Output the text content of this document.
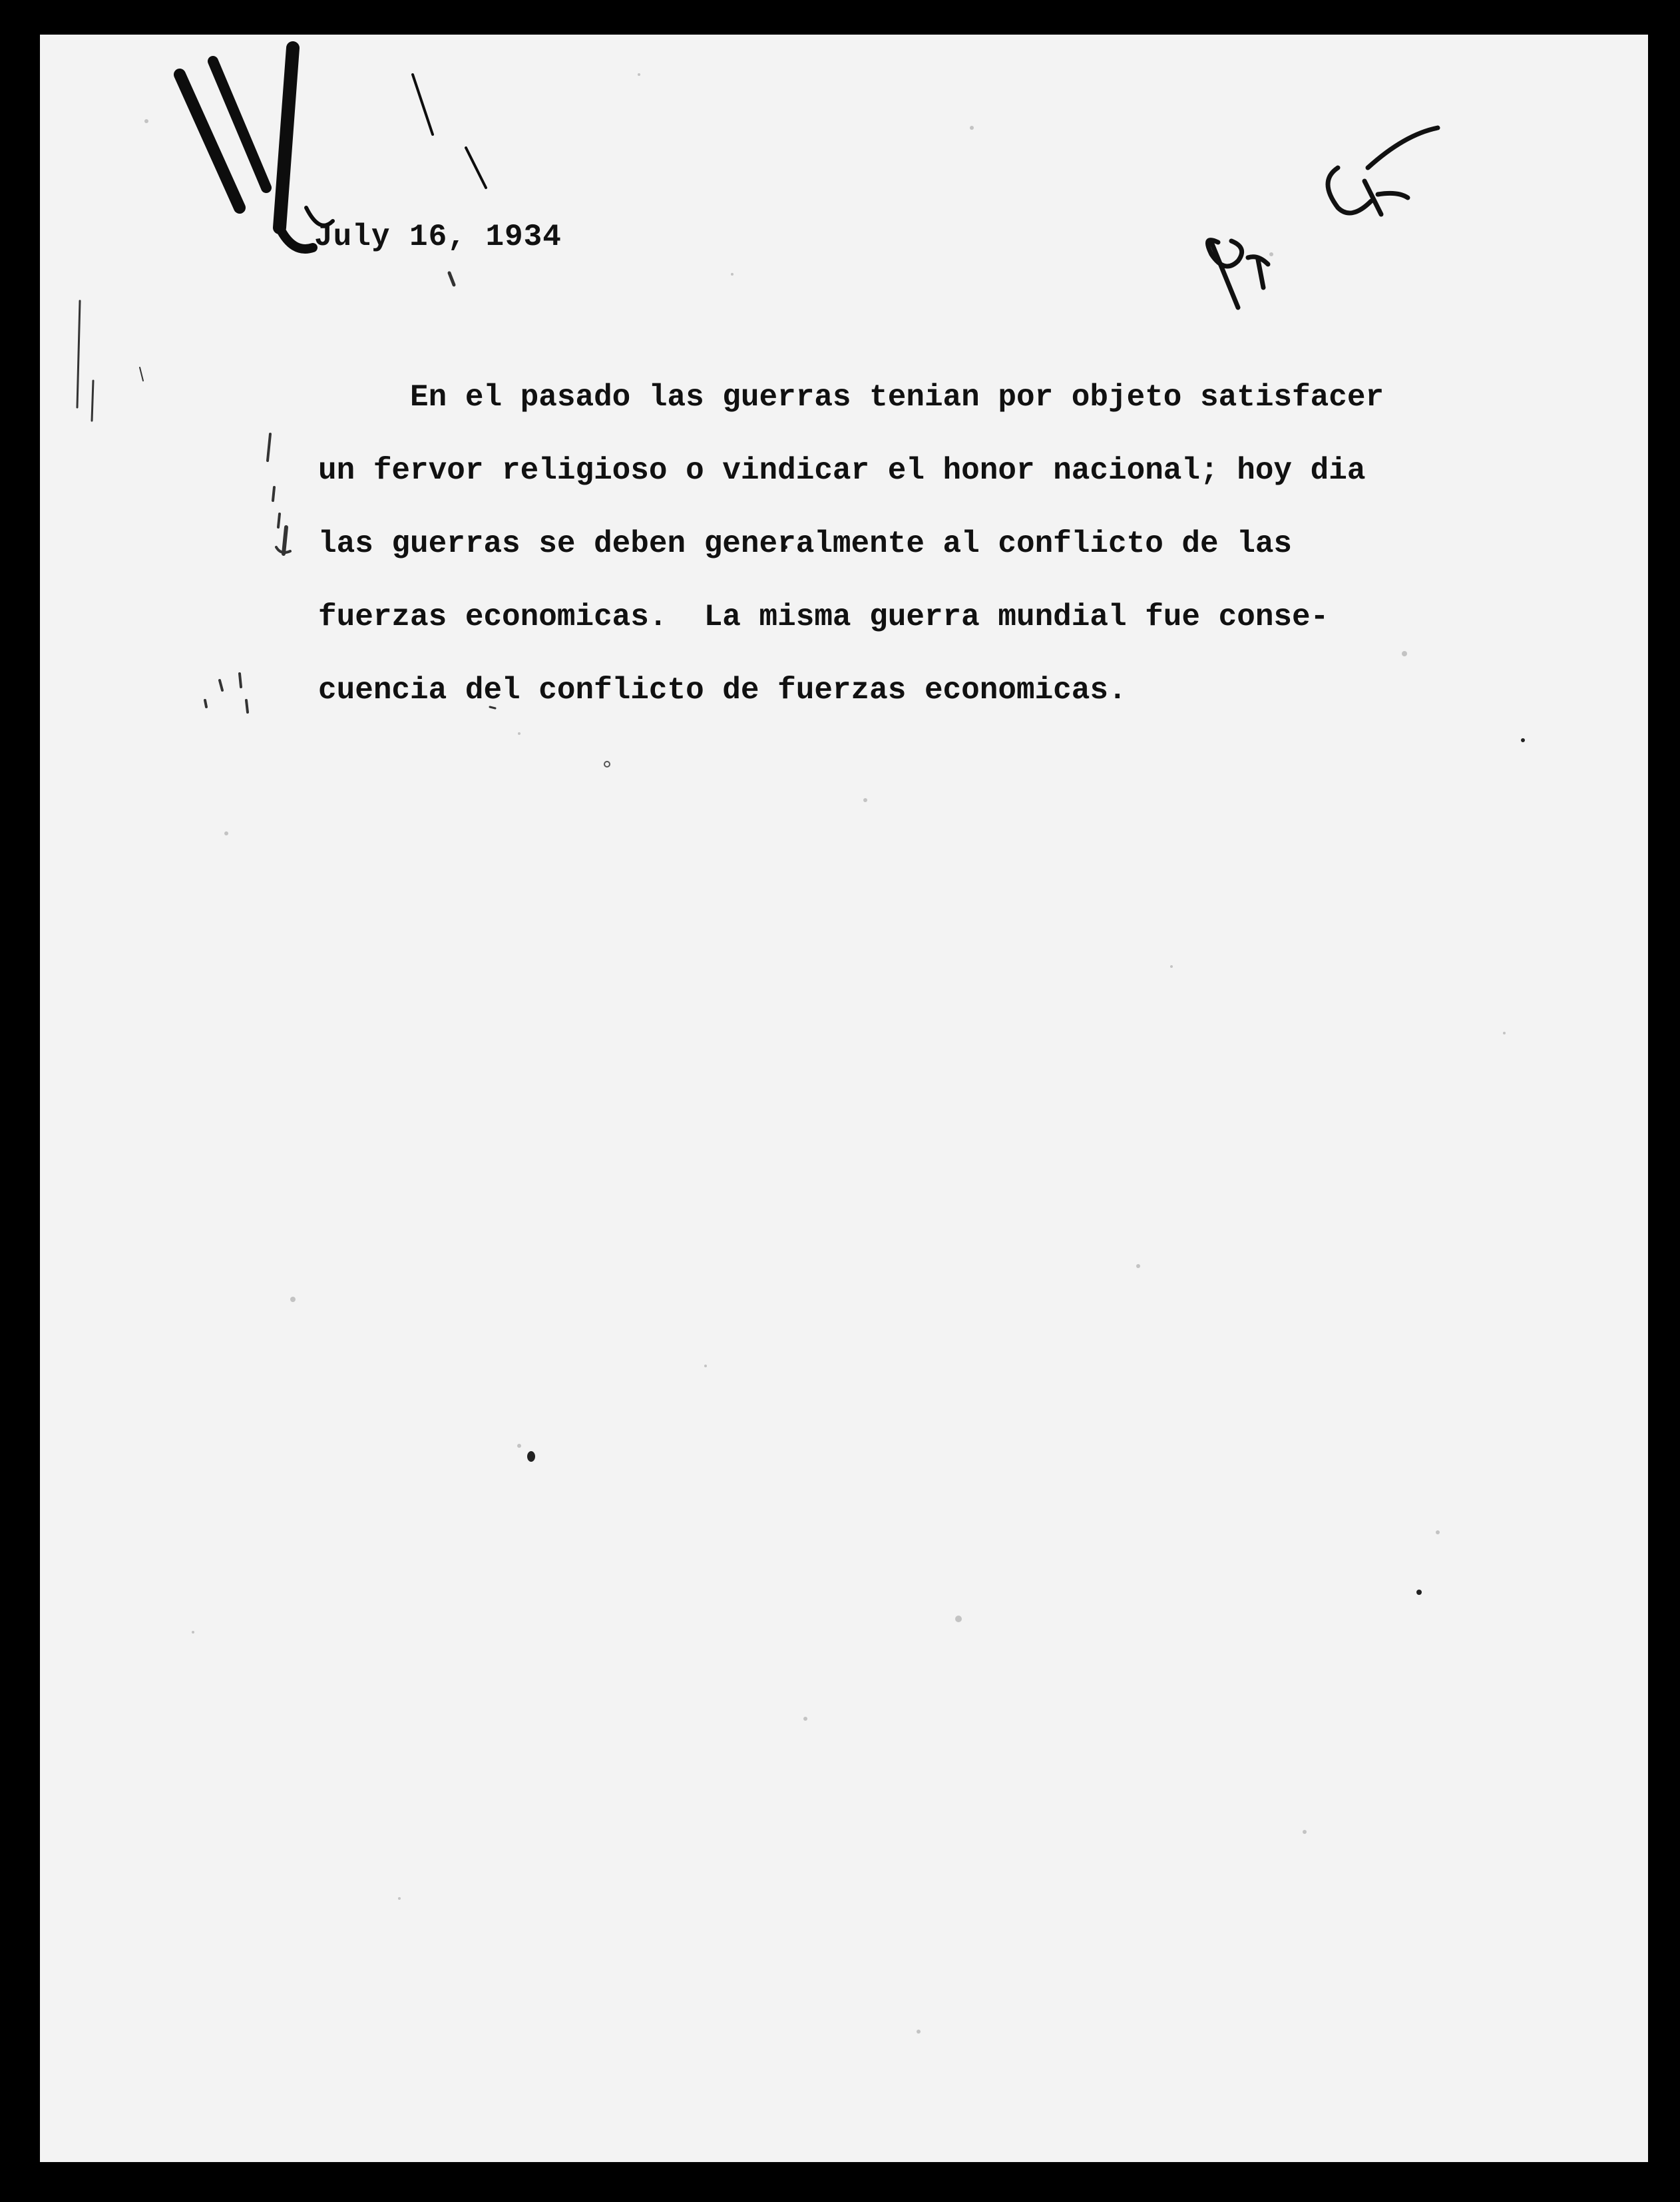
July 16, 1934
En el pasado las guerras tenian por objeto satisfacer
un fervor religioso o vindicar el honor nacional; hoy dia
las guerras se deben generalmente al conflicto de las
fuerzas economicas.  La misma guerra mundial fue conse-
cuencia del conflicto de fuerzas economicas.
